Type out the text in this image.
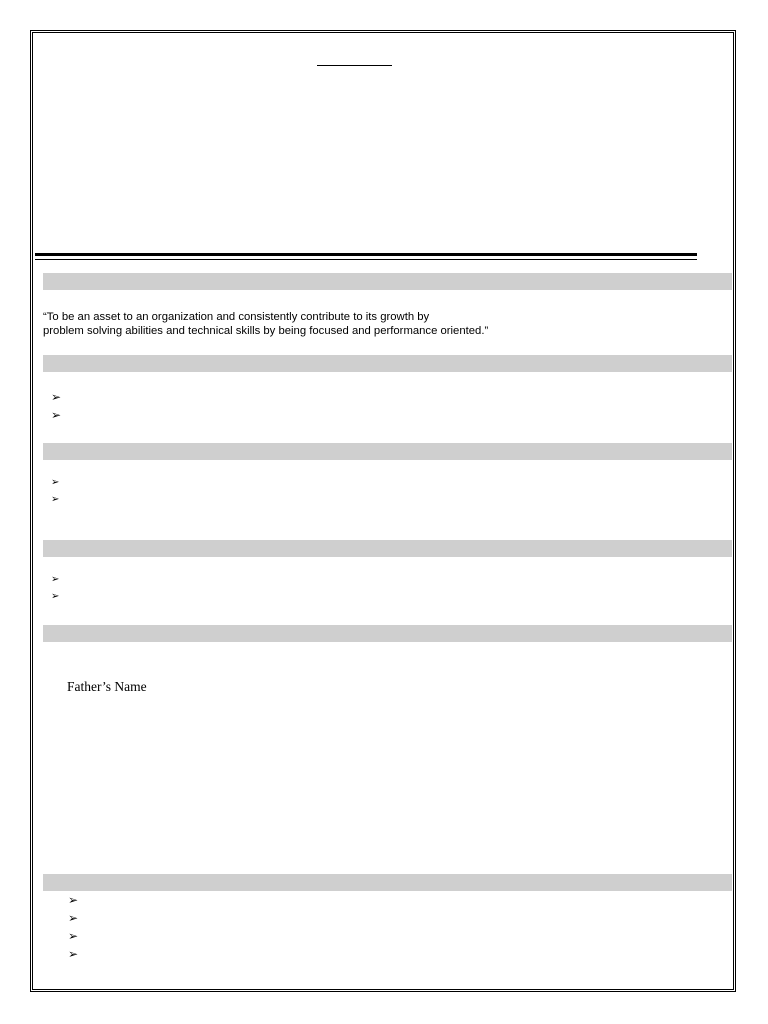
“To be an asset to an organization and consistently contribute to its growth by
problem solving abilities and technical skills by being focused and performance oriented.”

➢
➢
➢
➢
➢
➢
Father’s Name
➢
➢
➢
➢
